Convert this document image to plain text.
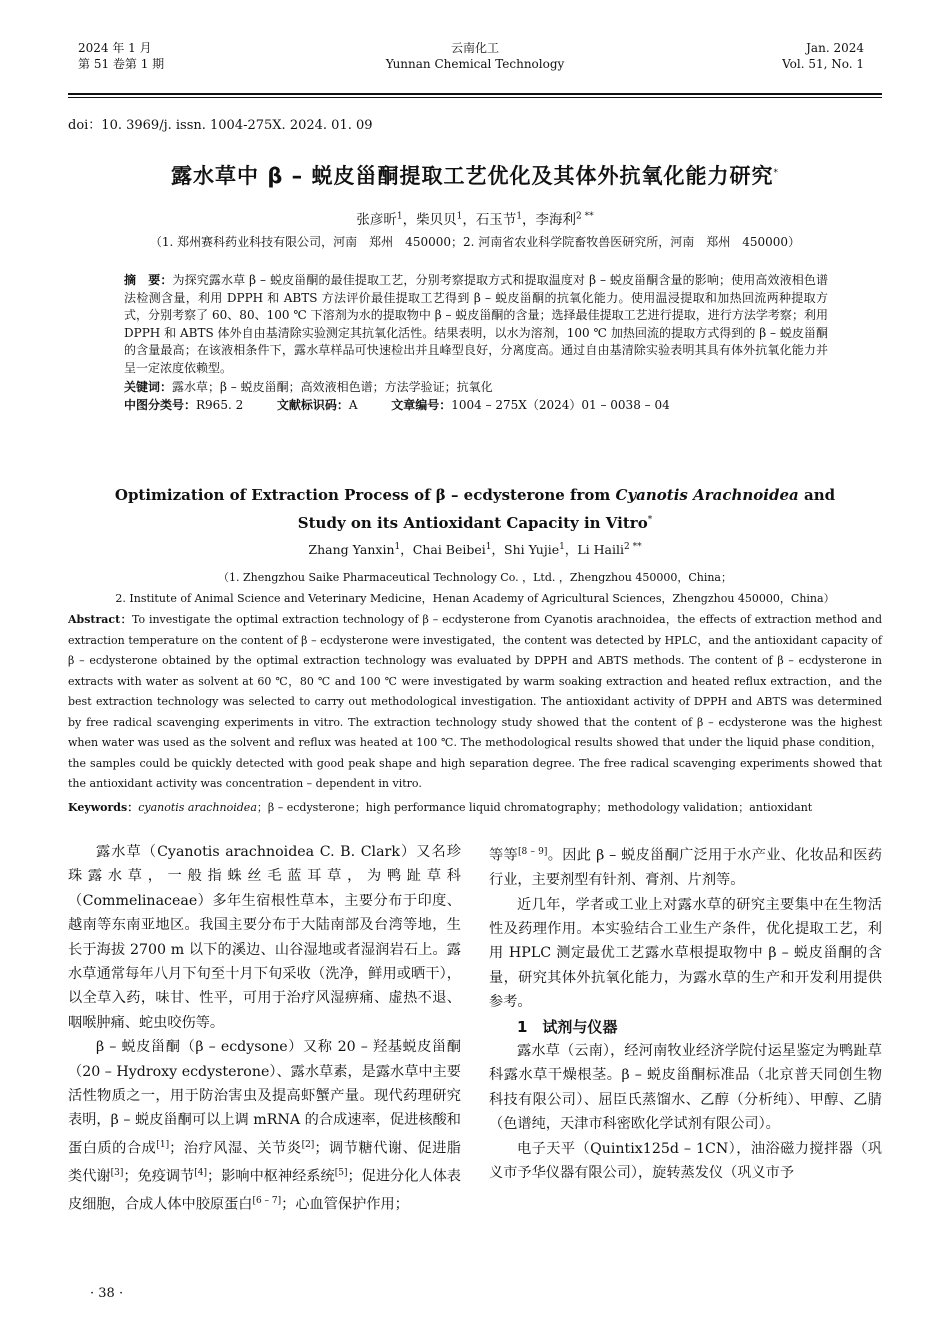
2024 年 1 月
第 51 卷第 1 期
云南化工
Yunnan Chemical Technology
Jan. 2024
Vol. 51, No. 1
doi：10. 3969/j. issn. 1004-275X. 2024. 01. 09
露水草中 β – 蜕皮甾酮提取工艺优化及其体外抗氧化能力研究*
张彦昕$^1$，柴贝贝$^1$，石玉节$^1$，李海利$^{2 **}$
（1. 郑州赛科药业科技有限公司，河南　郑州　450000；2. 河南省农业科学院畜牧兽医研究所，河南　郑州　450000）
摘　要：为探究露水草 β – 蜕皮甾酮的最佳提取工艺，分别考察提取方式和提取温度对 β – 蜕皮甾酮含量的影响；使用高效液相色谱法检测含量，利用 DPPH 和 ABTS 方法评价最佳提取工艺得到 β – 蜕皮甾酮的抗氧化能力。使用温浸提取和加热回流两种提取方式，分别考察了 60、80、100 ℃ 下溶剂为水的提取物中 β – 蜕皮甾酮的含量；选择最佳提取工艺进行提取，进行方法学考察；利用 DPPH 和 ABTS 体外自由基清除实验测定其抗氧化活性。结果表明，以水为溶剂，100 ℃ 加热回流的提取方式得到的 β – 蜕皮甾酮的含量最高；在该液相条件下，露水草样品可快速检出并且峰型良好，分离度高。通过自由基清除实验表明其具有体外抗氧化能力并呈一定浓度依赖型。
关键词：露水草；β – 蜕皮甾酮；高效液相色谱；方法学验证；抗氧化
中图分类号：R965. 2	文献标识码：A	文章编号：1004 – 275X（2024）01 – 0038 – 04
Optimization of Extraction Process of β – ecdysterone from Cyanotis Arachnoidea and Study on its Antioxidant Capacity in Vitro*
Zhang Yanxin$^1$，Chai Beibei$^1$，Shi Yujie$^1$，Li Haili$^{2 **}$
（1. Zhengzhou Saike Pharmaceutical Technology Co. ，Ltd. ，Zhengzhou 450000，China；
2. Institute of Animal Science and Veterinary Medicine，Henan Academy of Agricultural Sciences，Zhengzhou 450000，China）
Abstract：To investigate the optimal extraction technology of β – ecdysterone from Cyanotis arachnoidea，the effects of extraction method and extraction temperature on the content of β – ecdysterone were investigated，the content was detected by HPLC，and the antioxidant capacity of β – ecdysterone obtained by the optimal extraction technology was evaluated by DPPH and ABTS methods. The content of β – ecdysterone in extracts with water as solvent at 60 ℃，80 ℃ and 100 ℃ were investigated by warm soaking extraction and heated reflux extraction，and the best extraction technology was selected to carry out methodological investigation. The antioxidant activity of DPPH and ABTS was determined by free radical scavenging experiments in vitro. The extraction technology study showed that the content of β – ecdysterone was the highest when water was used as the solvent and reflux was heated at 100 ℃. The methodological results showed that under the liquid phase condition，the samples could be quickly detected with good peak shape and high separation degree. The free radical scavenging experiments showed that the antioxidant activity was concentration – dependent in vitro.
Keywords：cyanotis arachnoidea；β – ecdysterone；high performance liquid chromatography；methodology validation；antioxidant

露水草（Cyanotis arachnoidea C. B. Clark）又名珍珠露水草，一般指蛛丝毛蓝耳草，为鸭趾草科（Commelinaceae）多年生宿根性草本，主要分布于印度、越南等东南亚地区。我国主要分布于大陆南部及台湾等地，生长于海拔 2700 m 以下的溪边、山谷湿地或者湿润岩石上。露水草通常每年八月下旬至十月下旬采收（洗净，鲜用或晒干），以全草入药，味甘、性平，可用于治疗风湿痹痛、虚热不退、咽喉肿痛、蛇虫咬伤等。

β – 蜕皮甾酮（β – ecdysone）又称 20 – 羟基蜕皮甾酮（20 – Hydroxy ecdysterone）、露水草素，是露水草中主要活性物质之一，用于防治害虫及提高虾蟹产量。现代药理研究表明，β – 蜕皮甾酮可以上调 mRNA 的合成速率，促进核酸和蛋白质的合成[1]；治疗风湿、关节炎[2]；调节糖代谢、促进脂类代谢[3]；免疫调节[4]；影响中枢神经系统[5]；促进分化人体表皮细胞，合成人体中胶原蛋白[6 – 7]；心血管保护作用；

等等[8 – 9]。因此 β – 蜕皮甾酮广泛用于水产业、化妆品和医药行业，主要剂型有针剂、膏剂、片剂等。

近几年，学者或工业上对露水草的研究主要集中在生物活性及药理作用。本实验结合工业生产条件，优化提取工艺，利用 HPLC 测定最优工艺露水草根提取物中 β – 蜕皮甾酮的含量，研究其体外抗氧化能力，为露水草的生产和开发利用提供参考。

1　试剂与仪器

露水草（云南），经河南牧业经济学院付运星鉴定为鸭趾草科露水草干燥根茎。β – 蜕皮甾酮标准品（北京普天同创生物科技有限公司）、屈臣氏蒸馏水、乙醇（分析纯）、甲醇、乙腈（色谱纯，天津市科密欧化学试剂有限公司）。

电子天平（Quintix125d – 1CN），油浴磁力搅拌器（巩义市予华仪器有限公司），旋转蒸发仪（巩义市予

· 38 ·
